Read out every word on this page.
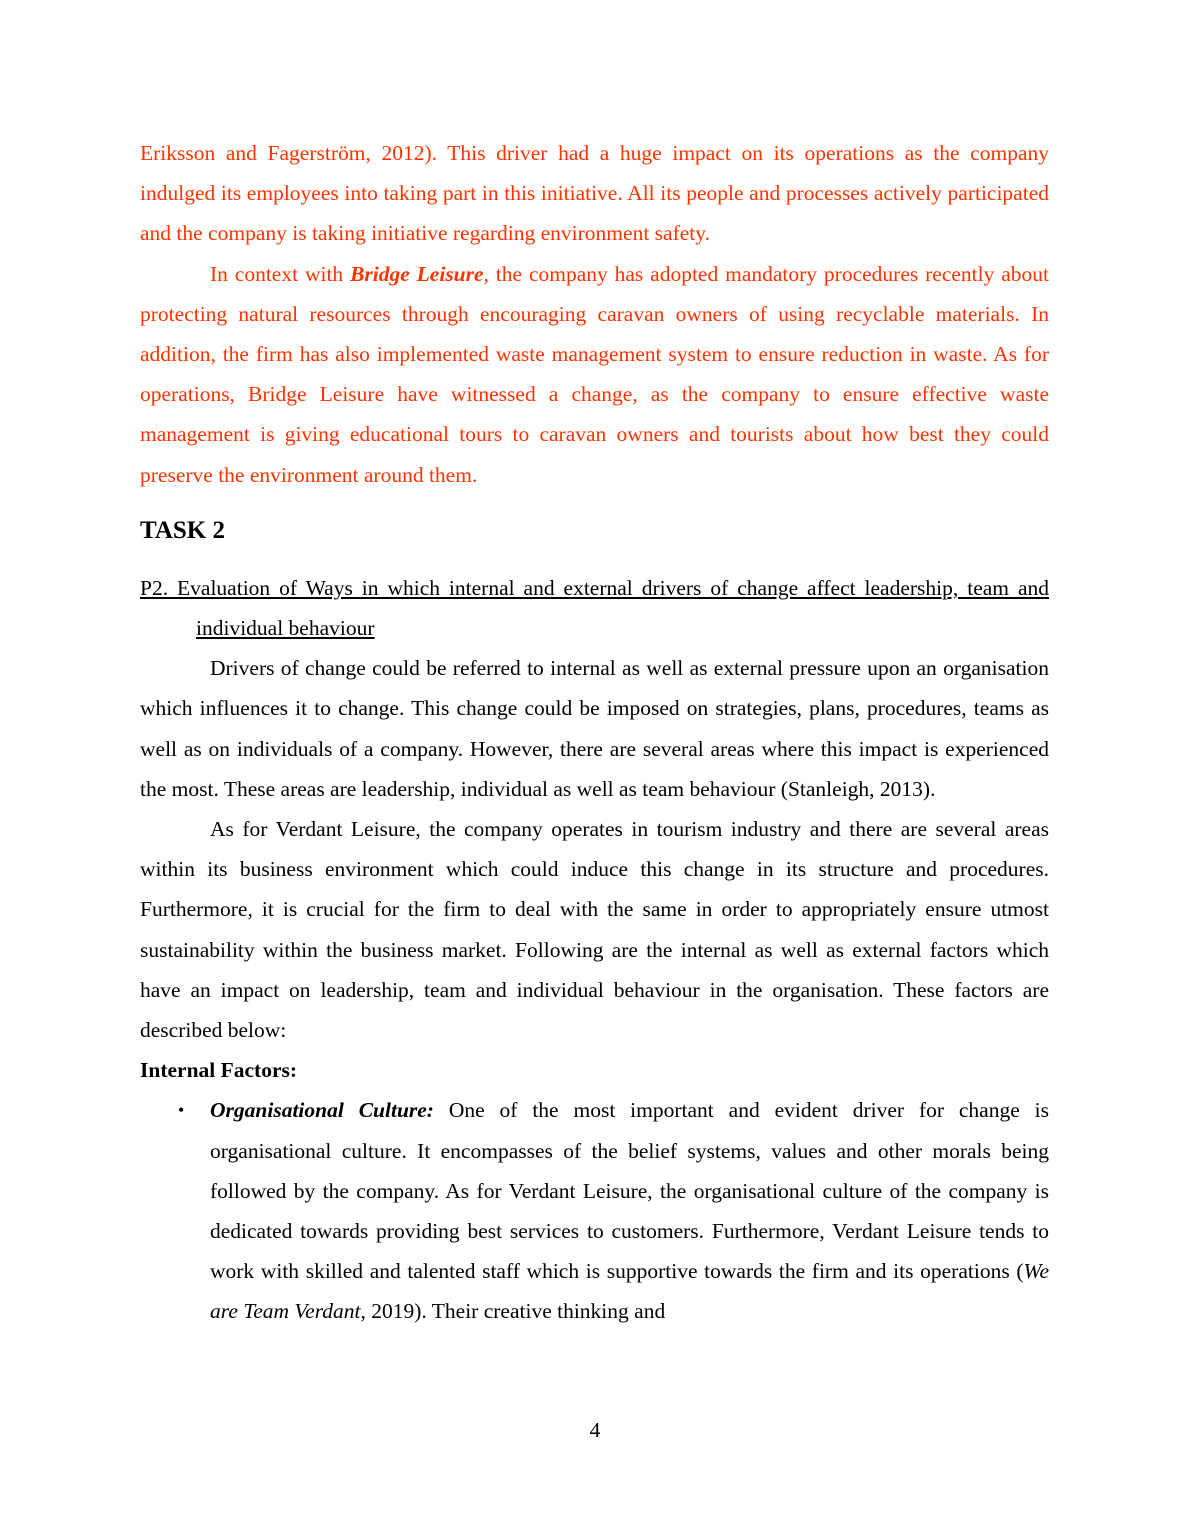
Eriksson and Fagerström, 2012). This driver had a huge impact on its operations as the company indulged its employees into taking part in this initiative. All its people and processes actively participated and the company is taking initiative regarding environment safety.

In context with Bridge Leisure, the company has adopted mandatory procedures recently about protecting natural resources through encouraging caravan owners of using recyclable materials. In addition, the firm has also implemented waste management system to ensure reduction in waste. As for operations, Bridge Leisure have witnessed a change, as the company to ensure effective waste management is giving educational tours to caravan owners and tourists about how best they could preserve the environment around them.

TASK 2

P2. Evaluation of Ways in which internal and external drivers of change affect leadership, team and individual behaviour

Drivers of change could be referred to internal as well as external pressure upon an organisation which influences it to change. This change could be imposed on strategies, plans, procedures, teams as well as on individuals of a company. However, there are several areas where this impact is experienced the most. These areas are leadership, individual as well as team behaviour (Stanleigh, 2013).

As for Verdant Leisure, the company operates in tourism industry and there are several areas within its business environment which could induce this change in its structure and procedures. Furthermore, it is crucial for the firm to deal with the same in order to appropriately ensure utmost sustainability within the business market. Following are the internal as well as external factors which have an impact on leadership, team and individual behaviour in the organisation. These factors are described below:

Internal Factors:

• Organisational Culture: One of the most important and evident driver for change is organisational culture. It encompasses of the belief systems, values and other morals being followed by the company. As for Verdant Leisure, the organisational culture of the company is dedicated towards providing best services to customers. Furthermore, Verdant Leisure tends to work with skilled and talented staff which is supportive towards the firm and its operations (We are Team Verdant, 2019). Their creative thinking and

4
